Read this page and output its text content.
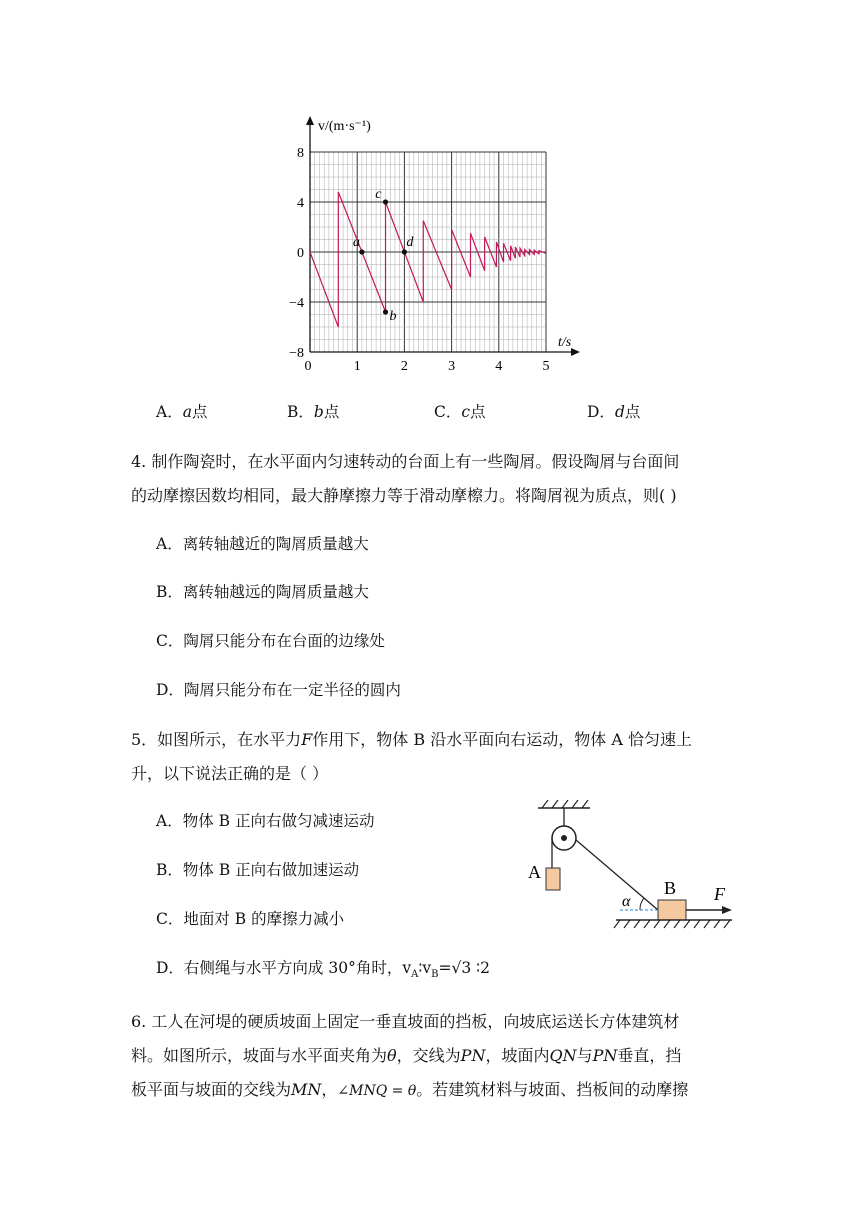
8
4
0
−4
−8
0	1	2	3	4	5
a
b
c
d
v/(m·s⁻¹)
t/s
A．a点	B．b点	C．c点	D．d点
4. 制作陶瓷时，在水平面内匀速转动的台面上有一些陶屑。假设陶屑与台面间
的动摩擦因数均相同，最大静摩擦力等于滑动摩檫力。将陶屑视为质点，则( )
A．离转轴越近的陶屑质量越大
B．离转轴越远的陶屑质量越大
C．陶屑只能分布在台面的边缘处
D．陶屑只能分布在一定半径的圆内
5．如图所示，在水平力F作用下，物体 B 沿水平面向右运动，物体 A 恰匀速上
升，以下说法正确的是（ ）
A．物体 B 正向右做匀减速运动
B．物体 B 正向右做加速运动
C．地面对 B 的摩擦力减小
D．右侧绳与水平方向成 30°角时，$v_A∶v_B=√3$ ∶2
A
B
α	F
6. 工人在河堤的硬质坡面上固定一垂直坡面的挡板，向坡底运送长方体建筑材
料。如图所示，坡面与水平面夹角为θ，交线为PN，坡面内QN与PN垂直，挡
板平面与坡面的交线为MN，∠MNQ = θ。若建筑材料与坡面、挡板间的动摩擦
